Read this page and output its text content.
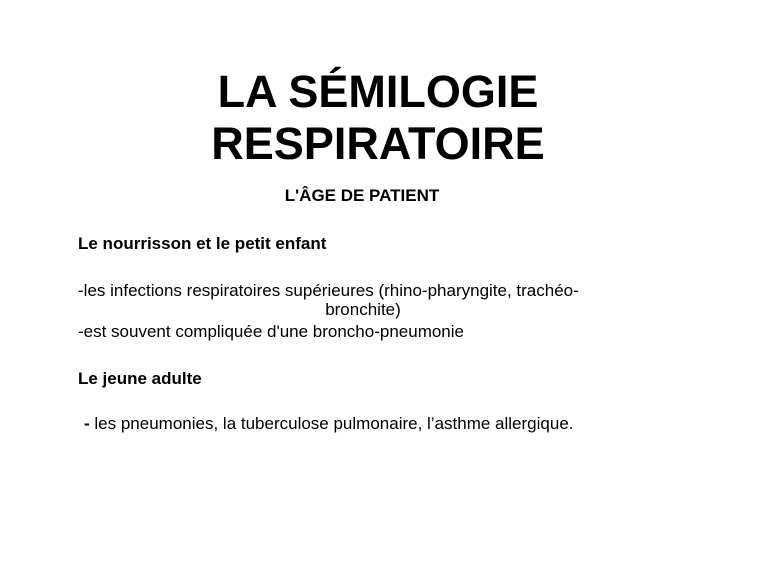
LA SÉMILOGIE
RESPIRATOIRE
L'ÂGE DE PATIENT
Le nourrisson et le petit enfant
-les infections respiratoires supérieures (rhino-pharyngite, trachéo-
bronchite)
-est souvent compliquée d'une broncho-pneumonie
Le jeune adulte
- les pneumonies, la tuberculose pulmonaire, l’asthme allergique.
